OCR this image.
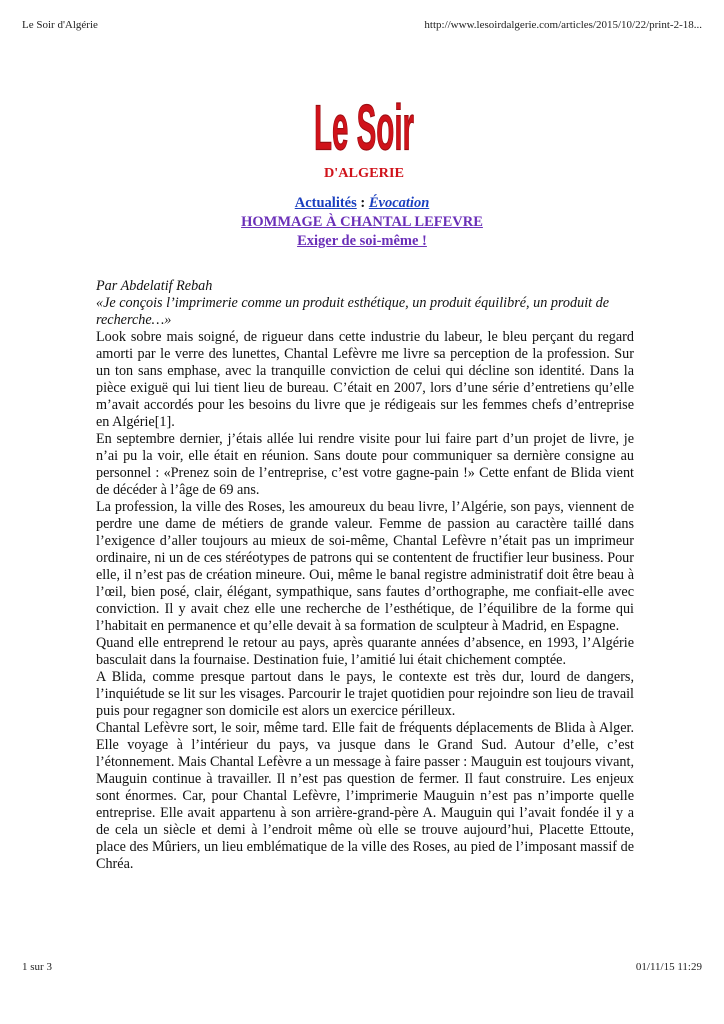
Le Soir d'Algérie	http://www.lesoirdalgerie.com/articles/2015/10/22/print-2-18...
Le Soir
D'ALGERIE
Actualités : Évocation
HOMMAGE À CHANTAL LEFEVRE
Exiger de soi-même !

Par Abdelatif Rebah

«Je conçois l’imprimerie comme un produit esthétique, un produit équilibré, un produit de recherche…»

Look sobre mais soigné, de rigueur dans cette industrie du labeur, le bleu perçant du regard amorti par le verre des lunettes, Chantal Lefèvre me livre sa perception de la profession. Sur un ton sans emphase, avec la tranquille conviction de celui qui décline son identité. Dans la pièce exiguë qui lui tient lieu de bureau. C’était en 2007, lors d’une série d’entretiens qu’elle m’avait accordés pour les besoins du livre que je rédigeais sur les femmes chefs d’entreprise en Algérie[1].

En septembre dernier, j’étais allée lui rendre visite pour lui faire part d’un projet de livre, je n’ai pu la voir, elle était en réunion. Sans doute pour communiquer sa dernière consigne au personnel : «Prenez soin de l’entreprise, c’est votre gagne-pain !» Cette enfant de Blida vient de décéder à l’âge de 69 ans.

La profession, la ville des Roses, les amoureux du beau livre, l’Algérie, son pays, viennent de perdre une dame de métiers de grande valeur. Femme de passion au caractère taillé dans l’exigence d’aller toujours au mieux de soi-même, Chantal Lefèvre n’était pas un imprimeur ordinaire, ni un de ces stéréotypes de patrons qui se contentent de fructifier leur business. Pour elle, il n’est pas de création mineure. Oui, même le banal registre administratif doit être beau à l’œil, bien posé, clair, élégant, sympathique, sans fautes d’orthographe, me confiait-elle avec conviction. Il y avait chez elle une recherche de l’esthétique, de l’équilibre de la forme qui l’habitait en permanence et qu’elle devait à sa formation de sculpteur à Madrid, en Espagne.

Quand elle entreprend le retour au pays, après quarante années d’absence, en 1993, l’Algérie basculait dans la fournaise. Destination fuie, l’amitié lui était chichement comptée.

A Blida, comme presque partout dans le pays, le contexte est très dur, lourd de dangers, l’inquiétude se lit sur les visages. Parcourir le trajet quotidien pour rejoindre son lieu de travail puis pour regagner son domicile est alors un exercice périlleux.

Chantal Lefèvre sort, le soir, même tard. Elle fait de fréquents déplacements de Blida à Alger. Elle voyage à l’intérieur du pays, va jusque dans le Grand Sud. Autour d’elle, c’est l’étonnement. Mais Chantal Lefèvre a un message à faire passer : Mauguin est toujours vivant, Mauguin continue à travailler. Il n’est pas question de fermer. Il faut construire. Les enjeux sont énormes. Car, pour Chantal Lefèvre, l’imprimerie Mauguin n’est pas n’importe quelle entreprise. Elle avait appartenu à son arrière-grand-père A. Mauguin qui l’avait fondée il y a de cela un siècle et demi à l’endroit même où elle se trouve aujourd’hui, Placette Ettoute, place des Mûriers, un lieu emblématique de la ville des Roses, au pied de l’imposant massif de Chréa.

1 sur 3	01/11/15 11:29
